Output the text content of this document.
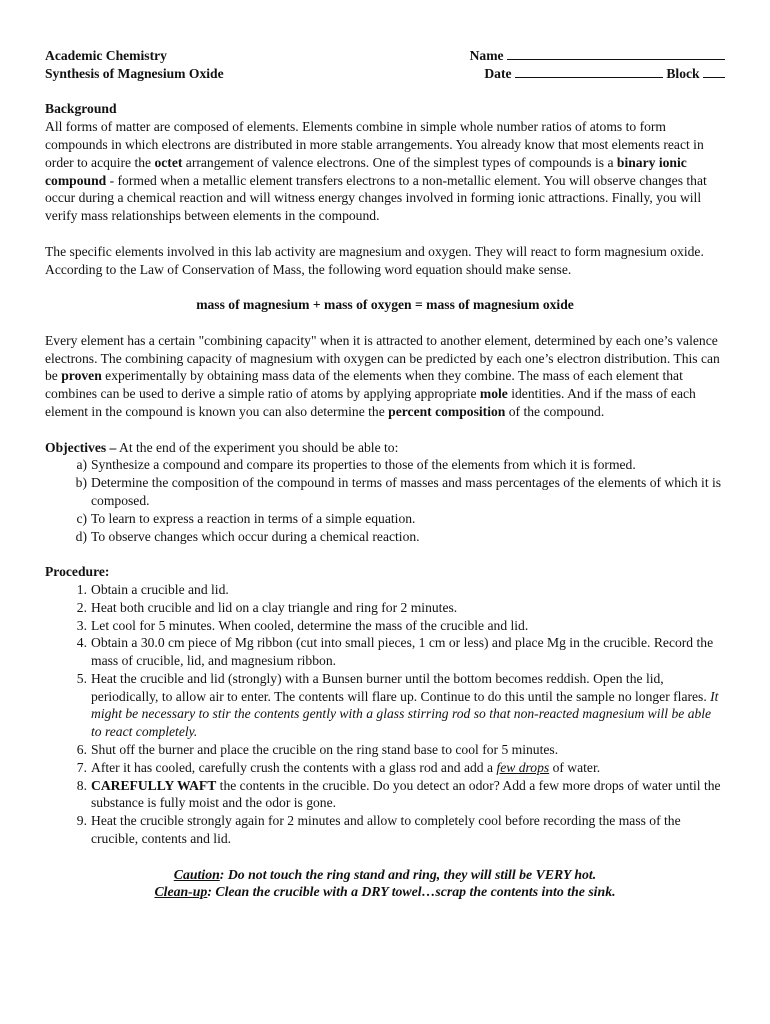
Academic Chemistry
Synthesis of Magnesium Oxide
Name
Date	Block
Background

All forms of matter are composed of elements. Elements combine in simple whole number ratios of atoms to form compounds in which electrons are distributed in more stable arrangements. You already know that most elements react in order to acquire the octet arrangement of valence electrons. One of the simplest types of compounds is a binary ionic compound - formed when a metallic element transfers electrons to a non-metallic element. You will observe changes that occur during a chemical reaction and will witness energy changes involved in forming ionic attractions. Finally, you will verify mass relationships between elements in the compound.

The specific elements involved in this lab activity are magnesium and oxygen. They will react to form magnesium oxide. According to the Law of Conservation of Mass, the following word equation should make sense.

mass of magnesium + mass of oxygen = mass of magnesium oxide

Every element has a certain "combining capacity" when it is attracted to another element, determined by each one’s valence electrons. The combining capacity of magnesium with oxygen can be predicted by each one’s electron distribution. This can be proven experimentally by obtaining mass data of the elements when they combine. The mass of each element that combines can be used to derive a simple ratio of atoms by applying appropriate mole identities. And if the mass of each element in the compound is known you can also determine the percent composition of the compound.

Objectives – At the end of the experiment you should be able to:
a) Synthesize a compound and compare its properties to those of the elements from which it is formed.
b) Determine the composition of the compound in terms of masses and mass percentages of the elements of which it is composed.
c) To learn to express a reaction in terms of a simple equation.
d) To observe changes which occur during a chemical reaction.
Procedure:
1. Obtain a crucible and lid.
2. Heat both crucible and lid on a clay triangle and ring for 2 minutes.
3. Let cool for 5 minutes. When cooled, determine the mass of the crucible and lid.
4. Obtain a 30.0 cm piece of Mg ribbon (cut into small pieces, 1 cm or less) and place Mg in the crucible. Record the mass of crucible, lid, and magnesium ribbon.
5. Heat the crucible and lid (strongly) with a Bunsen burner until the bottom becomes reddish. Open the lid, periodically, to allow air to enter. The contents will flare up. Continue to do this until the sample no longer flares. It might be necessary to stir the contents gently with a glass stirring rod so that non-reacted magnesium will be able to react completely.
6. Shut off the burner and place the crucible on the ring stand base to cool for 5 minutes.
7. After it has cooled, carefully crush the contents with a glass rod and add a few drops of water.
8. CAREFULLY WAFT the contents in the crucible. Do you detect an odor? Add a few more drops of water until the substance is fully moist and the odor is gone.
9. Heat the crucible strongly again for 2 minutes and allow to completely cool before recording the mass of the crucible, contents and lid.
Caution: Do not touch the ring stand and ring, they will still be VERY hot.
Clean-up: Clean the crucible with a DRY towel…scrap the contents into the sink.
